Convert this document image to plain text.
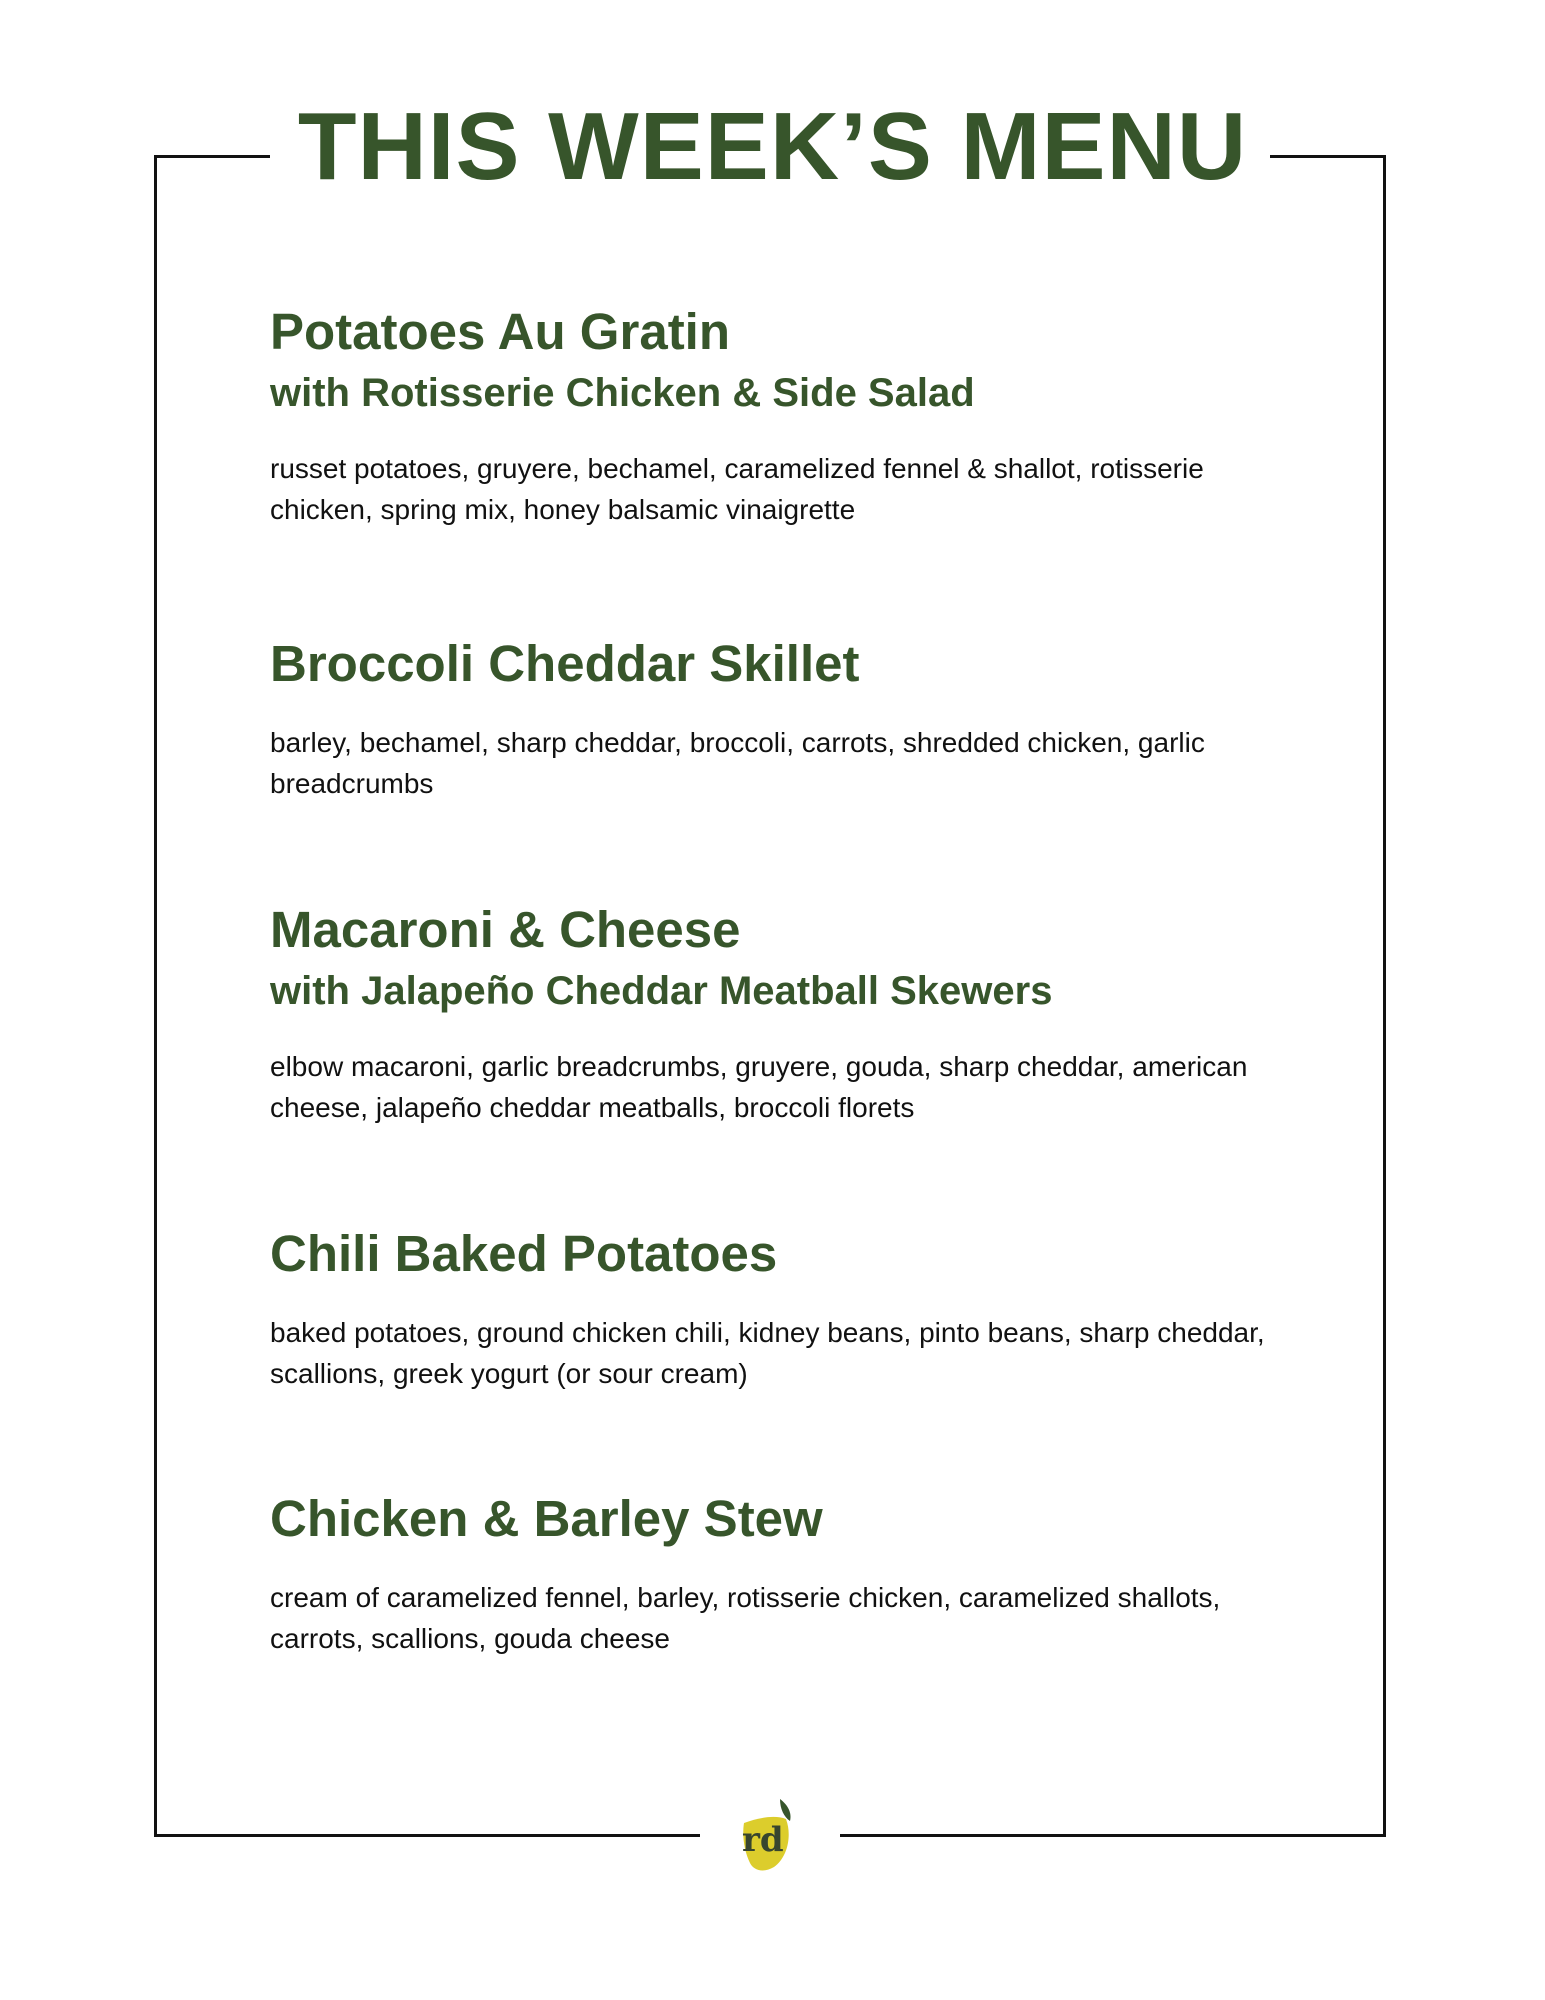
THIS WEEK’S MENU
Potatoes Au Gratin
with Rotisserie Chicken & Side Salad

russet potatoes, gruyere, bechamel, caramelized fennel & shallot, rotisserie chicken, spring mix, honey balsamic vinaigrette

Broccoli Cheddar Skillet

barley, bechamel, sharp cheddar, broccoli, carrots, shredded chicken, garlic breadcrumbs

Macaroni & Cheese
with Jalapeño Cheddar Meatball Skewers

elbow macaroni, garlic breadcrumbs, gruyere, gouda, sharp cheddar, american cheese, jalapeño cheddar meatballs, broccoli florets

Chili Baked Potatoes

baked potatoes, ground chicken chili, kidney beans, pinto beans, sharp cheddar, scallions, greek yogurt (or sour cream)

Chicken & Barley Stew

cream of caramelized fennel, barley, rotisserie chicken, caramelized shallots, carrots, scallions, gouda cheese

rd
